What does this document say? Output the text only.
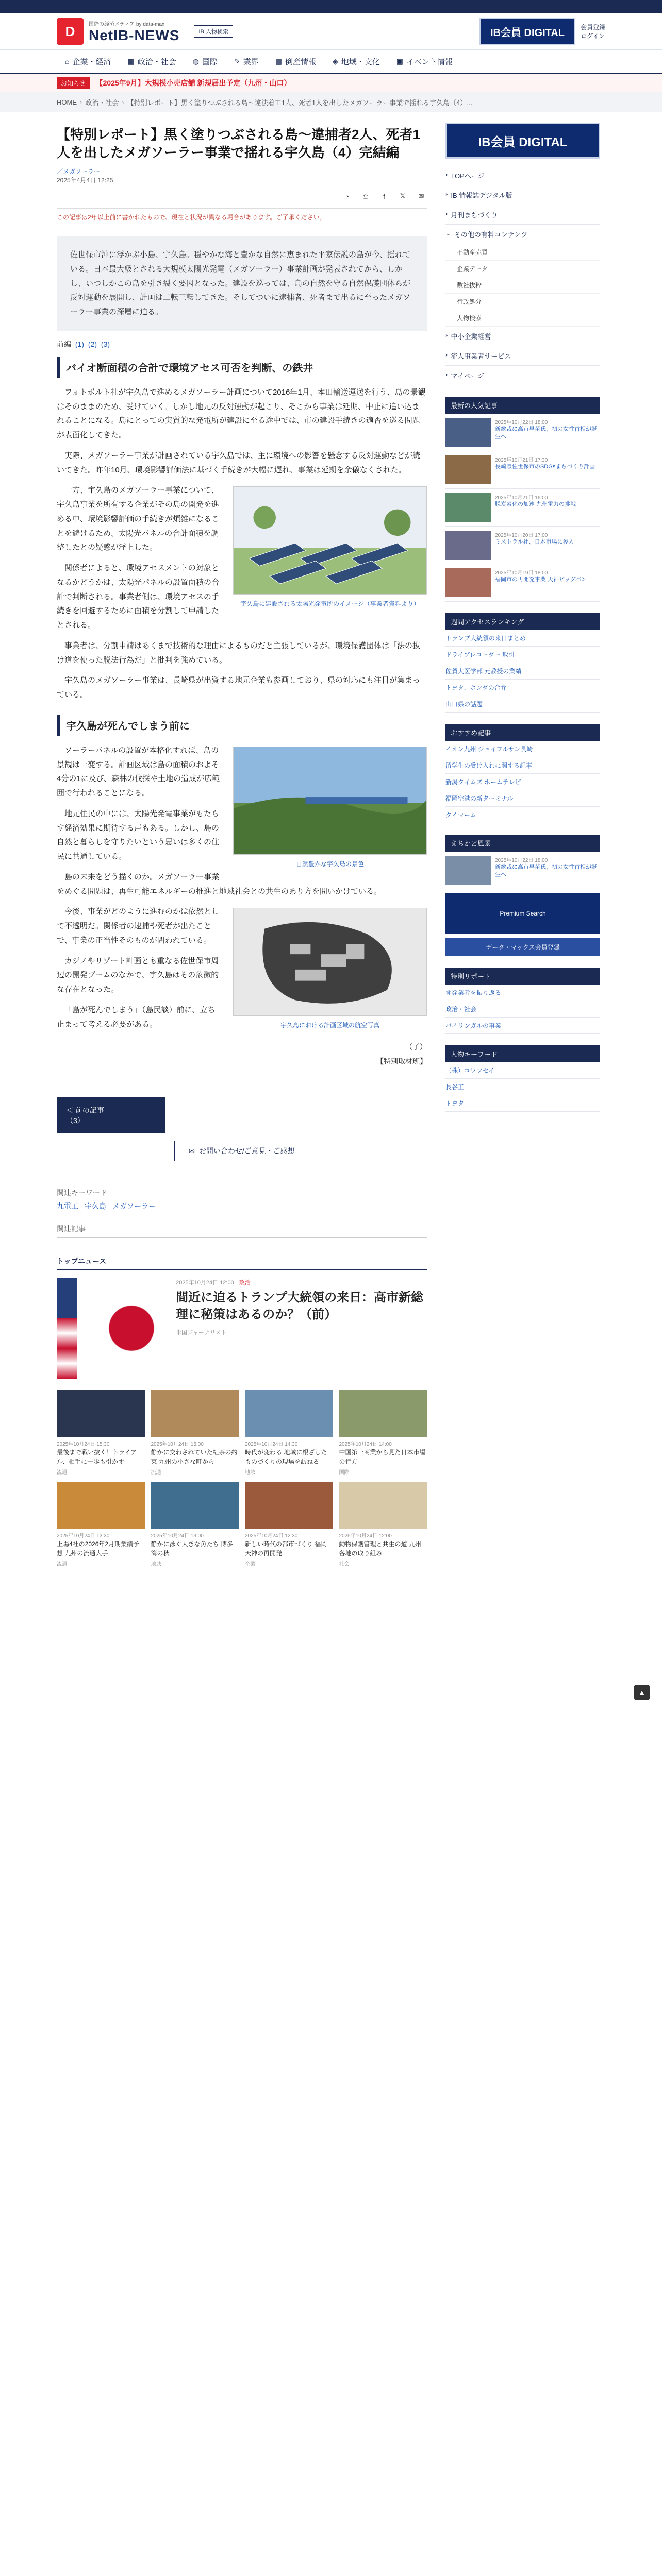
D	国際の経済メディア by data-max
NetIB-NEWS	IB 人物検索	IB会員 DIGITAL	会員登録
ログイン
⌂ 企業・経済 ▦ 政治・社会 ◍ 国際 ✎ 業界 ▤ 倒産情報 ◈ 地域・文化 ▣ イベント情報
お知らせ	【2025年9月】大規模小売店舗 新規届出予定（九州・山口）
HOME › 政治・社会 › 【特別レポート】黒く塗りつぶされる島〜違法着工1人、死者1人を出したメガソーラー事業で揺れる宇久島（4）...
【特別レポート】黒く塗りつぶされる島〜違捕者2人、死者1人を出したメガソーラー事業で揺れる宇久島（4）完結編
／メガソーラー
2025年4月4日 12:25
◔	⎙	f	𝕏	✉
この記事は2年以上前に書かれたもので、現在と状況が異なる場合があります。ご了承ください。
佐世保市沖に浮かぶ小島、宇久島。穏やかな海と豊かな自然に恵まれた平家伝説の島が今、揺れている。日本最大級とされる大規模太陽光発電（メガソーラー）事業計画が発表されてから、しかし、いつしかこの島を引き裂く要因となった。建設を巡っては、島の自然を守る自然保護団体らが反対運動を展開し、計画は二転三転してきた。そしてついに逮捕者、死者まで出るに至ったメガソーラー事業の深層に迫る。
前編 (1) (2) (3)
バイオ断面積の合計で環境アセス可否を判断、の鉄井

フォトボルト社が宇久島で進めるメガソーラー計画について2016年1月、本田輸送運送を行う、島の景観はそのままのため、受けていく。しかし地元の反対運動が起こり、そこから事業は延期、中止に追い込まれることになる。島にとっての実質的な発電所が建設に至る途中では、市の建設手続きの適否を巡る問題が表面化してきた。

実際、メガソーラー事業が計画されている宇久島では、主に環境への影響を懸念する反対運動などが続いてきた。昨年10月、環境影響評価法に基づく手続きが大幅に遅れ、事業は延期を余儀なくされた。

宇久島に建設される太陽光発電所のイメージ（事業者資料より）

一方、宇久島のメガソーラー事業について、宇久島事業を所有する企業がその島の開発を進める中、環境影響評価の手続きが煩雑になることを避けるため、太陽光パネルの合計面積を調整したとの疑惑が浮上した。

関係者によると、環境アセスメントの対象となるかどうかは、太陽光パネルの設置面積の合計で判断される。事業者側は、環境アセスの手続きを回避するために面積を分割して申請したとされる。

事業者は、分割申請はあくまで技術的な理由によるものだと主張しているが、環境保護団体は「法の抜け道を使った脱法行為だ」と批判を強めている。

宇久島のメガソーラー事業は、長崎県が出資する地元企業も参画しており、県の対応にも注目が集まっている。

宇久島が死んでしまう前に
自然豊かな宇久島の景色

ソーラーパネルの設置が本格化すれば、島の景観は一変する。計画区域は島の面積のおよそ4分の1に及び、森林の伐採や土地の造成が広範囲で行われることになる。

地元住民の中には、太陽光発電事業がもたらす経済効果に期待する声もある。しかし、島の自然と暮らしを守りたいという思いは多くの住民に共通している。

島の未来をどう描くのか。メガソーラー事業をめぐる問題は、再生可能エネルギーの推進と地域社会との共生のあり方を問いかけている。

宇久島における計画区域の航空写真

今後、事業がどのように進むのかは依然として不透明だ。関係者の逮捕や死者が出たことで、事業の正当性そのものが問われている。

カジノやリゾート計画とも重なる佐世保市周辺の開発ブームのなかで、宇久島はその象徴的な存在となった。

「島が死んでしまう」（島民談）前に、立ち止まって考える必要がある。

（了）
【特別取材班】
＜ 前の記事
（3）
✉ お問い合わせ/ご意見・ご感想
関連キーワード
九電工 宇久島 メガソーラー
関連記事
トップニュース
2025年10月24日 12:00 政治
間近に迫るトランプ大統領の来日：高市新総理に秘策はあるのか？（前）
米国ジャーナリスト
2025年10月24日 15:30
最後まで戦い抜く！トライアル、相手に一歩も引かず
流通
2025年10月24日 15:00
静かに交わされていた紅茶の約束 九州の小さな町から
流通
2025年10月24日 14:30
時代が変わる 地域に根ざしたものづくりの現場を訪ねる
地域
2025年10月24日 14:00
中国第一商業から見た日本市場の行方
国際
2025年10月24日 13:30
上場4社の2026年2月期業績予想 九州の流通大手
流通
2025年10月24日 13:00
静かに泳ぐ大きな魚たち 博多湾の秋
地域
2025年10月24日 12:30
新しい時代の都市づくり 福岡天神の再開発
企業
2025年10月24日 12:00
動物保護管理と共生の道 九州各地の取り組み
社会
IB会員 DIGITAL
› TOPページ
› IB 情報誌デジタル版
› 月刊まちづくり
⌄ その他の有料コンテンツ
不動産売買
企業データ
数社抜粋
行政処分
人物検索
› 中小企業経営
› 流人事業者サービス
› マイページ
最新の人気記事
2025年10月22日 18:00
新総裁に高市早苗氏、初の女性首相が誕生へ
2025年10月21日 17:30
長崎県佐世保市のSDGsまちづくり計画
2025年10月21日 16:00
脱炭素化の加速 九州電力の挑戦
2025年10月20日 17:00
ミストラル社、日本市場に参入
2025年10月19日 18:00
福岡市の再開発事業 天神ビッグバン
週間アクセスランキング
トランプ大統領の来日まとめ
ドライブレコーダー 取引
佐賀大医学部 元教授の業績
トヨタ、ホンダの合弁
山口県の話題
おすすめ記事
イオン九州 ジョイフルサン長崎
留学生の受け入れに関する記事
新潟タイムズ ホームテレビ
福岡空港の新ターミナル
タイマーム
まちかど風景
2025年10月22日 18:00
新総裁に高市早苗氏、初の女性首相が誕生へ
Premium Search
データ・マックス会員登録
特別リポート
開発業者を振り返る
政治・社会
バイリンガルの事業
人物キーワード
（株）コワフセイ
長谷工
トヨタ
▲
